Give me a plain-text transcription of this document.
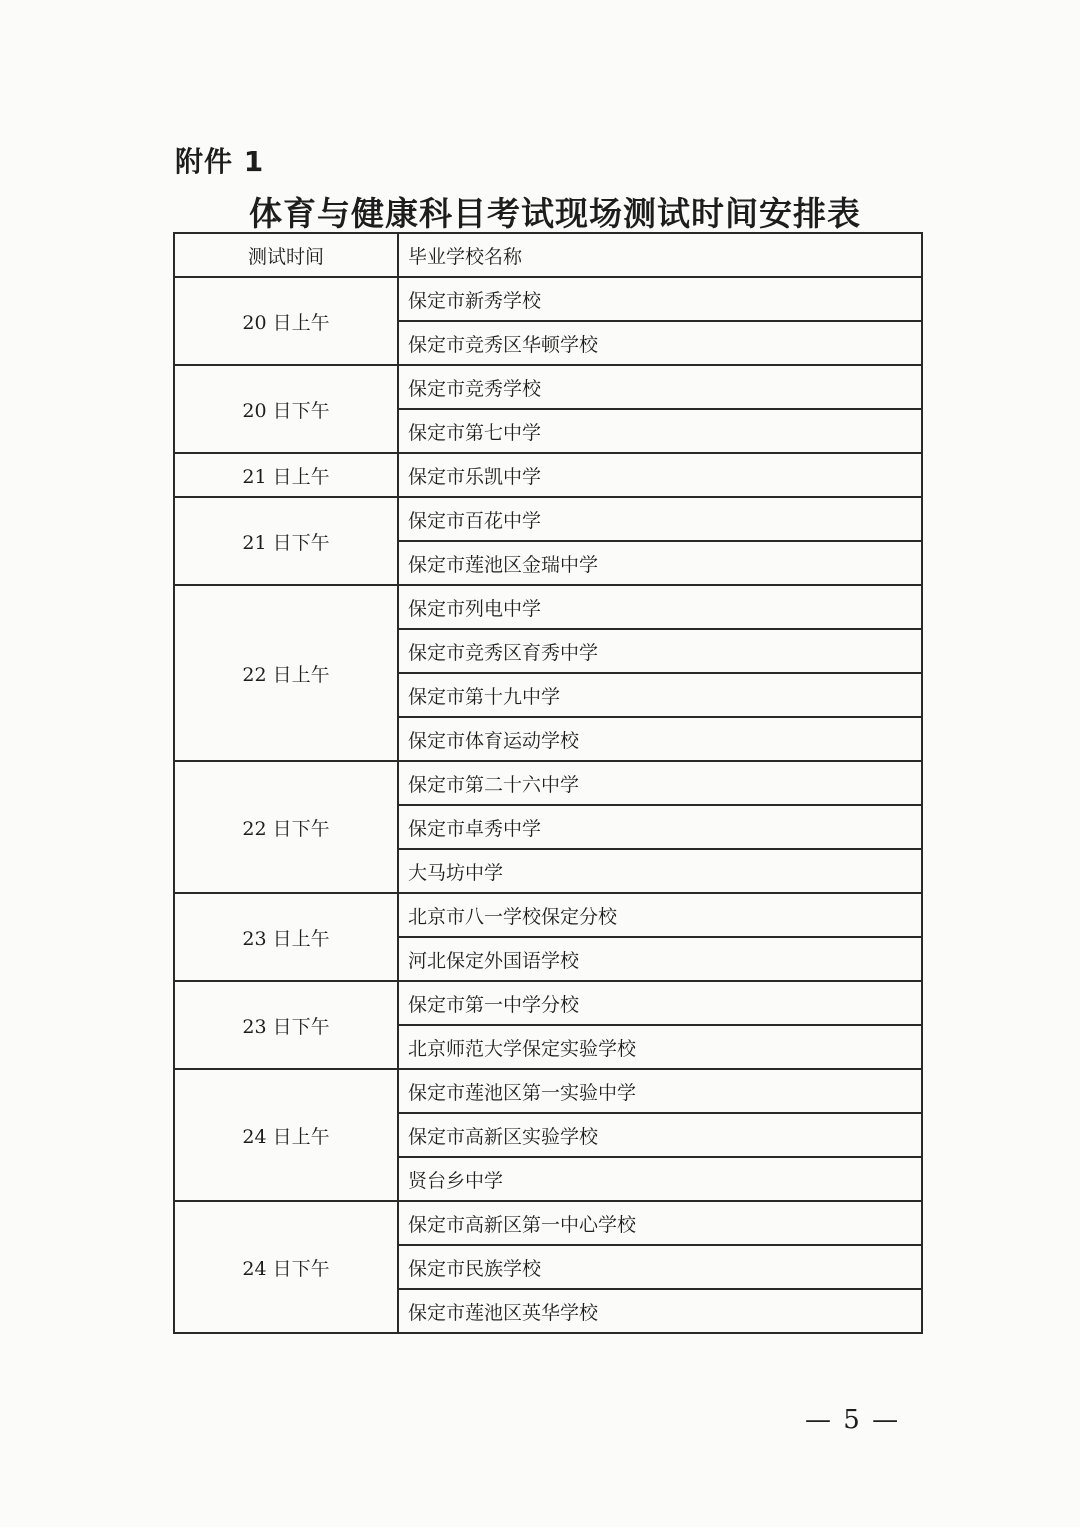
附件 1
体育与健康科目考试现场测试时间安排表
测试时间	毕业学校名称
20 日上午	保定市新秀学校
	保定市竞秀区华顿学校
20 日下午	保定市竞秀学校
	保定市第七中学
21 日上午	保定市乐凯中学
21 日下午	保定市百花中学
	保定市莲池区金瑞中学
22 日上午	保定市列电中学
	保定市竞秀区育秀中学
	保定市第十九中学
	保定市体育运动学校
22 日下午	保定市第二十六中学
	保定市卓秀中学
	大马坊中学
23 日上午	北京市八一学校保定分校
	河北保定外国语学校
23 日下午	保定市第一中学分校
	北京师范大学保定实验学校
24 日上午	保定市莲池区第一实验中学
	保定市高新区实验学校
	贤台乡中学
24 日下午	保定市高新区第一中心学校
	保定市民族学校
	保定市莲池区英华学校
— 5 —
